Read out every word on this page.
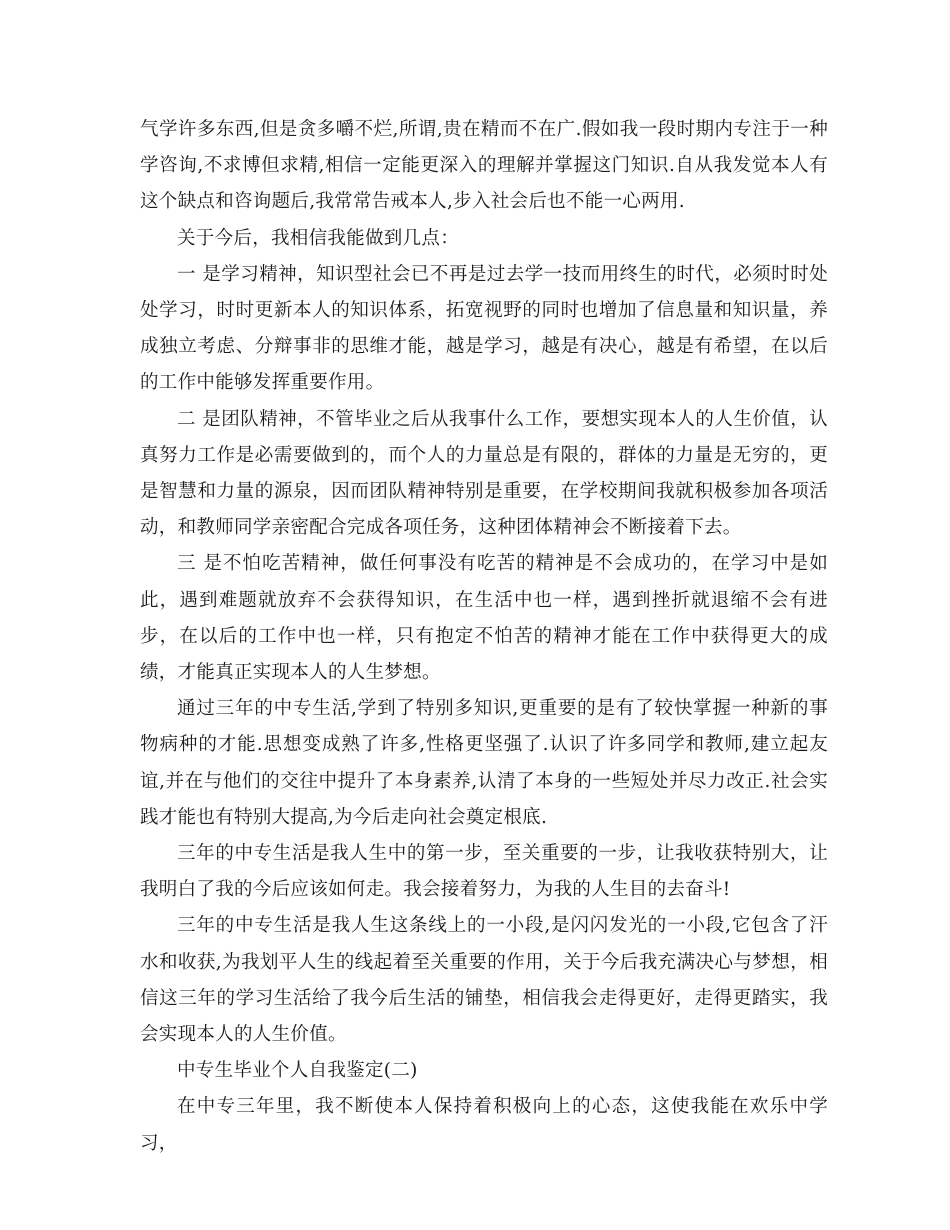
气学许多东西,但是贪多嚼不烂,所谓,贵在精而不在广.假如我一段时期内专注于一种学咨询,不求博但求精,相信一定能更深入的理解并掌握这门知识.自从我发觉本人有这个缺点和咨询题后,我常常告戒本人,步入社会后也不能一心两用.

关于今后，我相信我能做到几点：

一 是学习精神，知识型社会已不再是过去学一技而用终生的时代，必须时时处处学习，时时更新本人的知识体系，拓宽视野的同时也增加了信息量和知识量，养成独立考虑、分辩事非的思维才能，越是学习，越是有决心，越是有希望，在以后的工作中能够发挥重要作用。

二 是团队精神，不管毕业之后从我事什么工作，要想实现本人的人生价值，认真努力工作是必需要做到的，而个人的力量总是有限的，群体的力量是无穷的，更是智慧和力量的源泉，因而团队精神特别是重要，在学校期间我就积极参加各项活动，和教师同学亲密配合完成各项任务，这种团体精神会不断接着下去。

三 是不怕吃苦精神，做任何事没有吃苦的精神是不会成功的，在学习中是如此，遇到难题就放弃不会获得知识，在生活中也一样，遇到挫折就退缩不会有进步，在以后的工作中也一样，只有抱定不怕苦的精神才能在工作中获得更大的成绩，才能真正实现本人的人生梦想。

通过三年的中专生活,学到了特别多知识,更重要的是有了较快掌握一种新的事物病种的才能.思想变成熟了许多,性格更坚强了.认识了许多同学和教师,建立起友谊,并在与他们的交往中提升了本身素养,认清了本身的一些短处并尽力改正.社会实践才能也有特别大提高,为今后走向社会奠定根底.

三年的中专生活是我人生中的第一步，至关重要的一步，让我收获特别大，让我明白了我的今后应该如何走。我会接着努力，为我的人生目的去奋斗!

三年的中专生活是我人生这条线上的一小段,是闪闪发光的一小段,它包含了汗水和收获,为我划平人生的线起着至关重要的作用，关于今后我充满决心与梦想，相信这三年的学习生活给了我今后生活的铺垫，相信我会走得更好，走得更踏实，我会实现本人的人生价值。

中专生毕业个人自我鉴定(二)

在中专三年里，我不断使本人保持着积极向上的心态，这使我能在欢乐中学习，
